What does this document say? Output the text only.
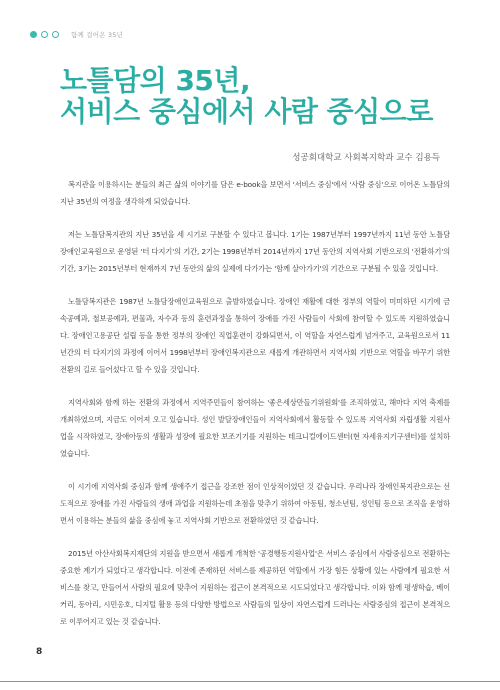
함께 걸어온 35년
노틀담의 35년,
서비스 중심에서 사람 중심으로
성공회대학교 사회복지학과 교수 김용득

복지관을 이용하시는 분들의 최근 삶의 이야기를 담은 e-book을 보면서 '서비스 중심'에서 '사람 중심'으로 이어온 노틀담의 지난 35년의 여정을 생각하게 되었습니다.

저는 노틀담복지관의 지난 35년을 세 시기로 구분할 수 있다고 봅니다. 1기는 1987년부터 1997년까지 11년 동안 노틀담장애인교육원으로 운영된 '터 다지기'의 기간, 2기는 1998년부터 2014년까지 17년 동안의 지역사회 기반으로의 '전환하기'의 기간, 3기는 2015년부터 현재까지 7년 동안의 삶의 실제에 다가가는 '함께 살아가기'의 기간으로 구분될 수 있을 것입니다.

노틀담복지관은 1987년 노틀담장애인교육원으로 출발하였습니다. 장애인 재활에 대한 정부의 역할이 미미하던 시기에 금속공예과, 철보공예과, 편물과, 자수과 등의 훈련과정을 통하여 장애를 가진 사람들이 사회에 참여할 수 있도록 지원하였습니다. 장애인고용공단 설립 등을 통한 정부의 장애인 직업훈련이 강화되면서, 이 역할을 자연스럽게 넘겨주고, 교육원으로서 11년간의 터 다지기의 과정에 이어서 1998년부터 장애인복지관으로 새롭게 개관하면서 지역사회 기반으로 역할을 바꾸기 위한 전환의 길로 들어섰다고 할 수 있을 것입니다.

지역사회와 함께 하는 전환의 과정에서 지역주민들이 참여하는 '좋은세상만들기위원회'를 조직하였고, 해마다 지역 축제를 개최하였으며, 지금도 이어져 오고 있습니다. 성인 발달장애인들이 지역사회에서 활동할 수 있도록 지역사회 자립생활 지원사업을 시작하였고, 장애아동의 생활과 성장에 필요한 보조기기를 지원하는 테크니컬에이드센터(현 자세유지기구센터)를 설치하였습니다.

이 시기에 지역사회 중심과 함께 생애주기 접근을 강조한 점이 인상적이었던 것 같습니다. 우리나라 장애인복지관으로는 선도적으로 장애를 가진 사람들의 생애 과업을 지원하는데 초점을 맞추기 위하여 아동팀, 청소년팀, 성인팀 등으로 조직을 운영하면서 이용하는 분들의 삶을 중심에 놓고 지역사회 기반으로 전환하였던 것 같습니다.

2015년 아산사회복지재단의 지원을 받으면서 새롭게 개척한 '공경행동지원사업'은 서비스 중심에서 사람중심으로 전환하는 중요한 계기가 되었다고 생각합니다. 이전에 존재하던 서비스를 제공하던 역할에서 가장 힘든 상황에 있는 사람에게 필요한 서비스를 찾고, 만들어서 사람의 필요에 맞추어 지원하는 접근이 본격적으로 시도되었다고 생각합니다. 이와 함께 평생학습, 베이커리, 동아리, 시민옹호, 디지털 활용 등의 다양한 방법으로 사람들의 일상이 자연스럽게 드러나는 사람중심의 접근이 본격적으로 이루어지고 있는 것 같습니다.

8
